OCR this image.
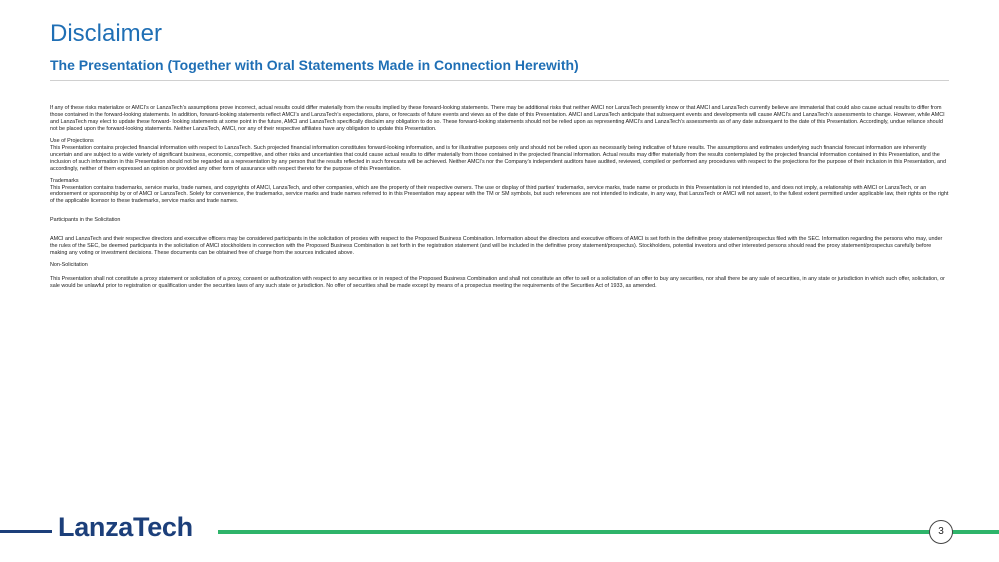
Disclaimer
The Presentation (Together with Oral Statements Made in Connection Herewith)

If any of these risks materialize or AMCI’s or LanzaTech’s assumptions prove incorrect, actual results could differ materially from the results implied by these forward-looking statements. There may be additional risks that neither AMCI nor LanzaTech presently know or that AMCI and LanzaTech currently believe are immaterial that could also cause actual results to differ from those contained in the forward-looking statements. In addition, forward-looking statements reflect AMCI’s and LanzaTech’s expectations, plans, or forecasts of future events and views as of the date of this Presentation. AMCI and LanzaTech anticipate that subsequent events and developments will cause AMCI’s and LanzaTech’s assessments to change. However, while AMCI and LanzaTech may elect to update these forward- looking statements at some point in the future, AMCI and LanzaTech specifically disclaim any obligation to do so. These forward-looking statements should not be relied upon as representing AMCI’s and LanzaTech’s assessments as of any date subsequent to the date of this Presentation. Accordingly, undue reliance should not be placed upon the forward-looking statements. Neither LanzaTech, AMCI, nor any of their respective affiliates have any obligation to update this Presentation.

Use of Projections

This Presentation contains projected financial information with respect to LanzaTech. Such projected financial information constitutes forward-looking information, and is for illustrative purposes only and should not be relied upon as necessarily being indicative of future results. The assumptions and estimates underlying such financial forecast information are inherently uncertain and are subject to a wide variety of significant business, economic, competitive, and other risks and uncertainties that could cause actual results to differ materially from those contained in the projected financial information. Actual results may differ materially from the results contemplated by the projected financial information contained in this Presentation, and the inclusion of such information in this Presentation should not be regarded as a representation by any person that the results reflected in such forecasts will be achieved. Neither AMCI’s nor the Company’s independent auditors have audited, reviewed, compiled or performed any procedures with respect to the projections for the purpose of their inclusion in this Presentation, and accordingly, neither of them expressed an opinion or provided any other form of assurance with respect thereto for the purpose of this Presentation.

Trademarks

This Presentation contains trademarks, service marks, trade names, and copyrights of AMCI, LanzaTech, and other companies, which are the property of their respective owners. The use or display of third parties’ trademarks, service marks, trade name or products in this Presentation is not intended to, and does not imply, a relationship with AMCI or LanzaTech, or an endorsement or sponsorship by or of AMCI or LanzaTech. Solely for convenience, the trademarks, service marks and trade names referred to in this Presentation may appear with the TM or SM symbols, but such references are not intended to indicate, in any way, that LanzaTech or AMCI will not assert, to the fullest extent permitted under applicable law, their rights or the right of the applicable licensor to these trademarks, service marks and trade names.

Participants in the Solicitation

AMCI and LanzaTech and their respective directors and executive officers may be considered participants in the solicitation of proxies with respect to the Proposed Business Combination. Information about the directors and executive officers of AMCI is set forth in the definitive proxy statement/prospectus filed with the SEC. Information regarding the persons who may, under the rules of the SEC, be deemed participants in the solicitation of AMCI stockholders in connection with the Proposed Business Combination is set forth in the registration statement (and will be included in the definitive proxy statement/prospectus). Stockholders, potential investors and other interested persons should read the proxy statement/prospectus carefully before making any voting or investment decisions. These documents can be obtained free of charge from the sources indicated above.

Non-Solicitation

This Presentation shall not constitute a proxy statement or solicitation of a proxy, consent or authorization with respect to any securities or in respect of the Proposed Business Combination and shall not constitute an offer to sell or a solicitation of an offer to buy any securities, nor shall there be any sale of securities, in any state or jurisdiction in which such offer, solicitation, or sale would be unlawful prior to registration or qualification under the securities laws of any such state or jurisdiction. No offer of securities shall be made except by means of a prospectus meeting the requirements of the Securities Act of 1933, as amended.

LanzaTech	3
